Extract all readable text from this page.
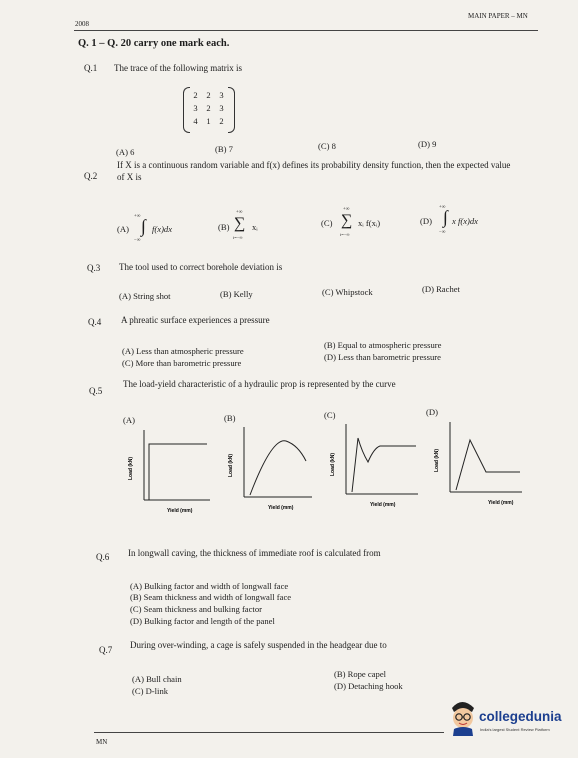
2008
MAIN PAPER – MN
Q. 1 – Q. 20 carry one mark each.
Q.1 The trace of the following matrix is
2	2	3
3	2	3
4	1	2
(A) 6	(B) 7	(C) 8	(D) 9
Q.2
If X is a continuous random variable and f(x) defines its probability density function, then the expected value of X is
(A)
+∞ ∫
−∞
f(x)dx	(B)
+∞
∑
i=−∞
xᵢ	(C)
+∞
∑
i=−∞
xᵢ f(xᵢ)	(D)
+∞
∫
−∞
x f(x)dx
Q.3 The tool used to correct borehole deviation is
(A) String shot	(B) Kelly	(C) Whipstock	(D) Rachet
Q.4 A phreatic surface experiences a pressure
(A) Less than atmospheric pressure
(B) Equal to atmospheric pressure
(C) More than barometric pressure
(D) Less than barometric pressure
Q.5
The load-yield characteristic of a hydraulic prop is represented by the curve
(A)
Load (kN)
Yield (mm)
(B)
Load (kN)
Yield (mm)
(C)
Load (kN)
Yield (mm)
(D)
Load (kN)
Yield (mm)
Q.6 In longwall caving, the thickness of immediate roof is calculated from
(A) Bulking factor and width of longwall face
(B) Seam thickness and width of longwall face
(C) Seam thickness and bulking factor
(D) Bulking factor and length of the panel
Q.7 During over-winding, a cage is safely suspended in the headgear due to
(A) Bull chain	(B) Rope capel
(C) D-link	(D) Detaching hook
MN
collegedunia
India's largest Student Review Platform
